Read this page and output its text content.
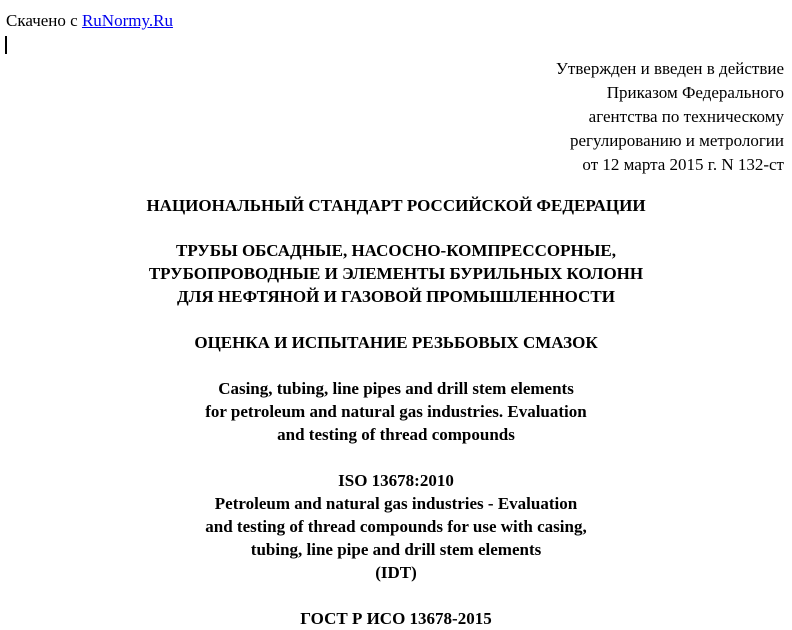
Скачено с RuNormy.Ru
Утвержден и введен в действие
Приказом Федерального
агентства по техническому
регулированию и метрологии
от 12 марта 2015 г. N 132-ст
НАЦИОНАЛЬНЫЙ СТАНДАРТ РОССИЙСКОЙ ФЕДЕРАЦИИ
ТРУБЫ ОБСАДНЫЕ, НАСОСНО-КОМПРЕССОРНЫЕ,
ТРУБОПРОВОДНЫЕ И ЭЛЕМЕНТЫ БУРИЛЬНЫХ КОЛОНН
ДЛЯ НЕФТЯНОЙ И ГАЗОВОЙ ПРОМЫШЛЕННОСТИ
ОЦЕНКА И ИСПЫТАНИЕ РЕЗЬБОВЫХ СМАЗОК
Casing, tubing, line pipes and drill stem elements
for petroleum and natural gas industries. Evaluation
and testing of thread compounds
ISO 13678:2010
Petroleum and natural gas industries - Evaluation
and testing of thread compounds for use with casing,
tubing, line pipe and drill stem elements
(IDT)
ГОСТ Р ИСО 13678-2015
